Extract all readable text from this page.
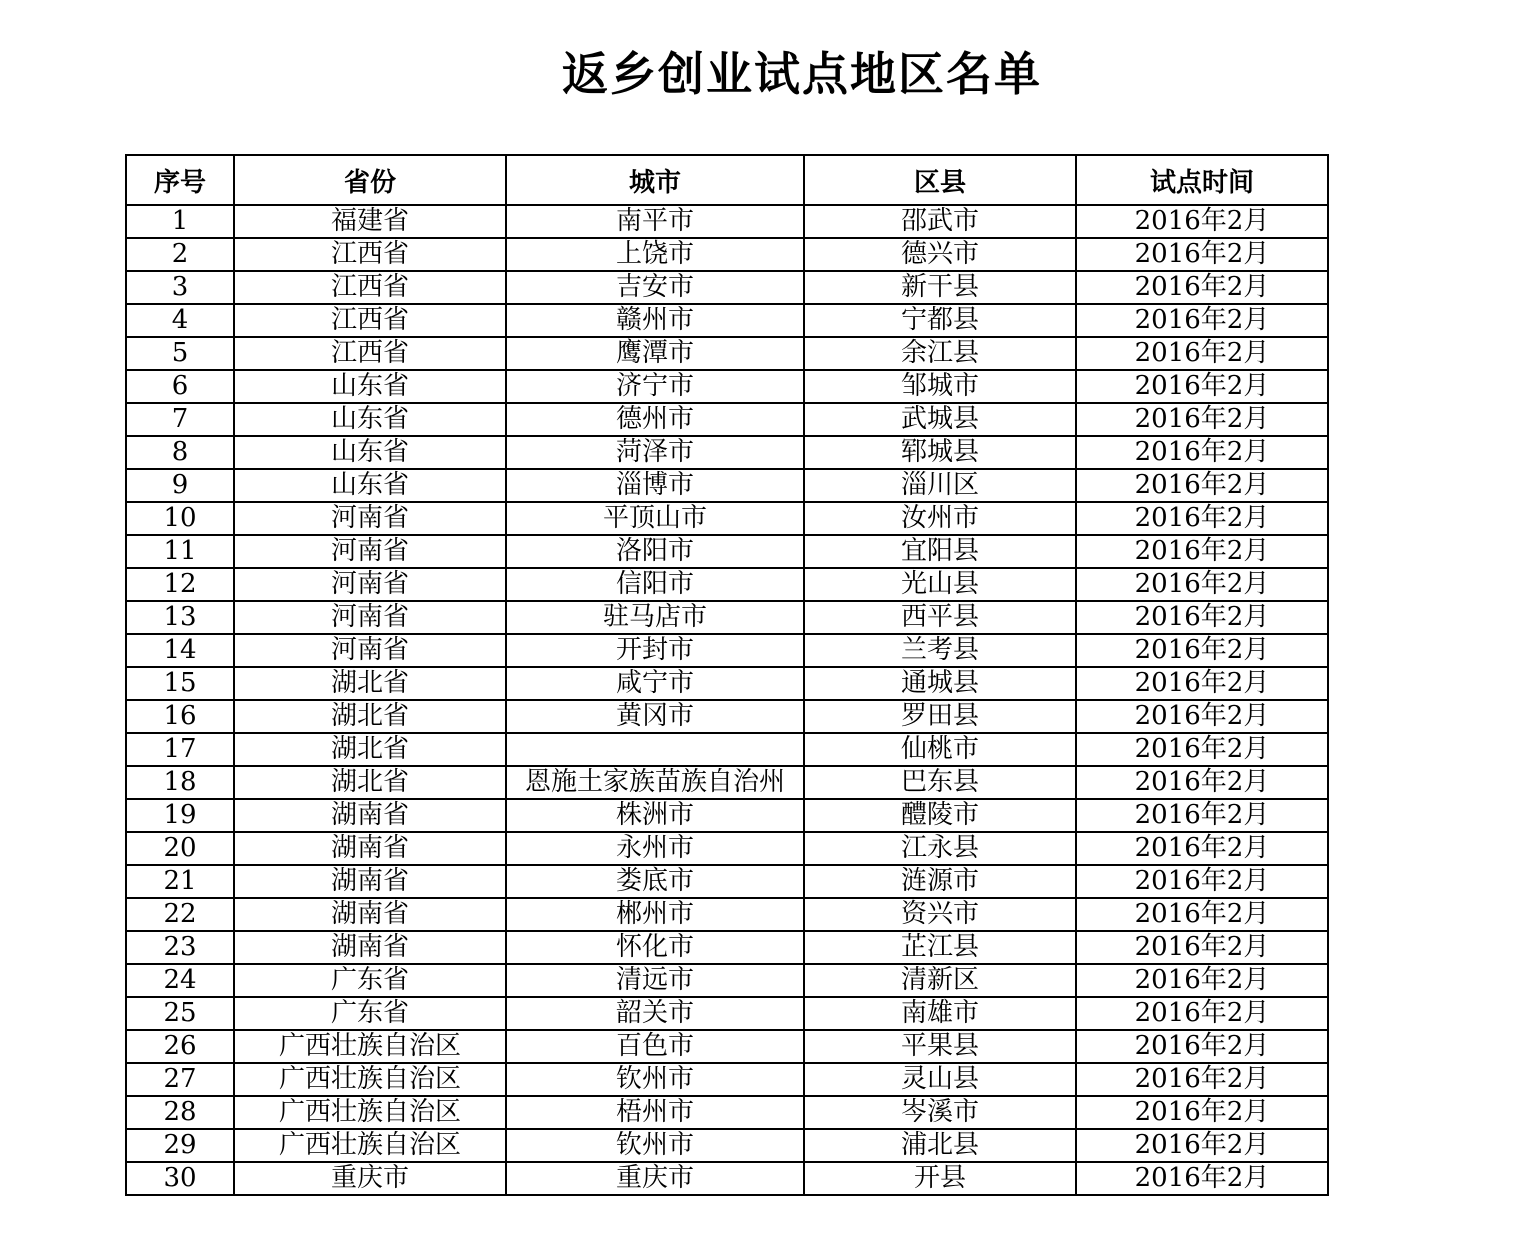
返乡创业试点地区名单
序号	省份	城市	区县	试点时间
1	福建省	南平市	邵武市	2016年2月
2	江西省	上饶市	德兴市	2016年2月
3	江西省	吉安市	新干县	2016年2月
4	江西省	赣州市	宁都县	2016年2月
5	江西省	鹰潭市	余江县	2016年2月
6	山东省	济宁市	邹城市	2016年2月
7	山东省	德州市	武城县	2016年2月
8	山东省	菏泽市	郓城县	2016年2月
9	山东省	淄博市	淄川区	2016年2月
10	河南省	平顶山市	汝州市	2016年2月
11	河南省	洛阳市	宜阳县	2016年2月
12	河南省	信阳市	光山县	2016年2月
13	河南省	驻马店市	西平县	2016年2月
14	河南省	开封市	兰考县	2016年2月
15	湖北省	咸宁市	通城县	2016年2月
16	湖北省	黄冈市	罗田县	2016年2月
17	湖北省		仙桃市	2016年2月
18	湖北省	恩施土家族苗族自治州	巴东县	2016年2月
19	湖南省	株洲市	醴陵市	2016年2月
20	湖南省	永州市	江永县	2016年2月
21	湖南省	娄底市	涟源市	2016年2月
22	湖南省	郴州市	资兴市	2016年2月
23	湖南省	怀化市	芷江县	2016年2月
24	广东省	清远市	清新区	2016年2月
25	广东省	韶关市	南雄市	2016年2月
26	广西壮族自治区	百色市	平果县	2016年2月
27	广西壮族自治区	钦州市	灵山县	2016年2月
28	广西壮族自治区	梧州市	岑溪市	2016年2月
29	广西壮族自治区	钦州市	浦北县	2016年2月
30	重庆市	重庆市	开县	2016年2月
